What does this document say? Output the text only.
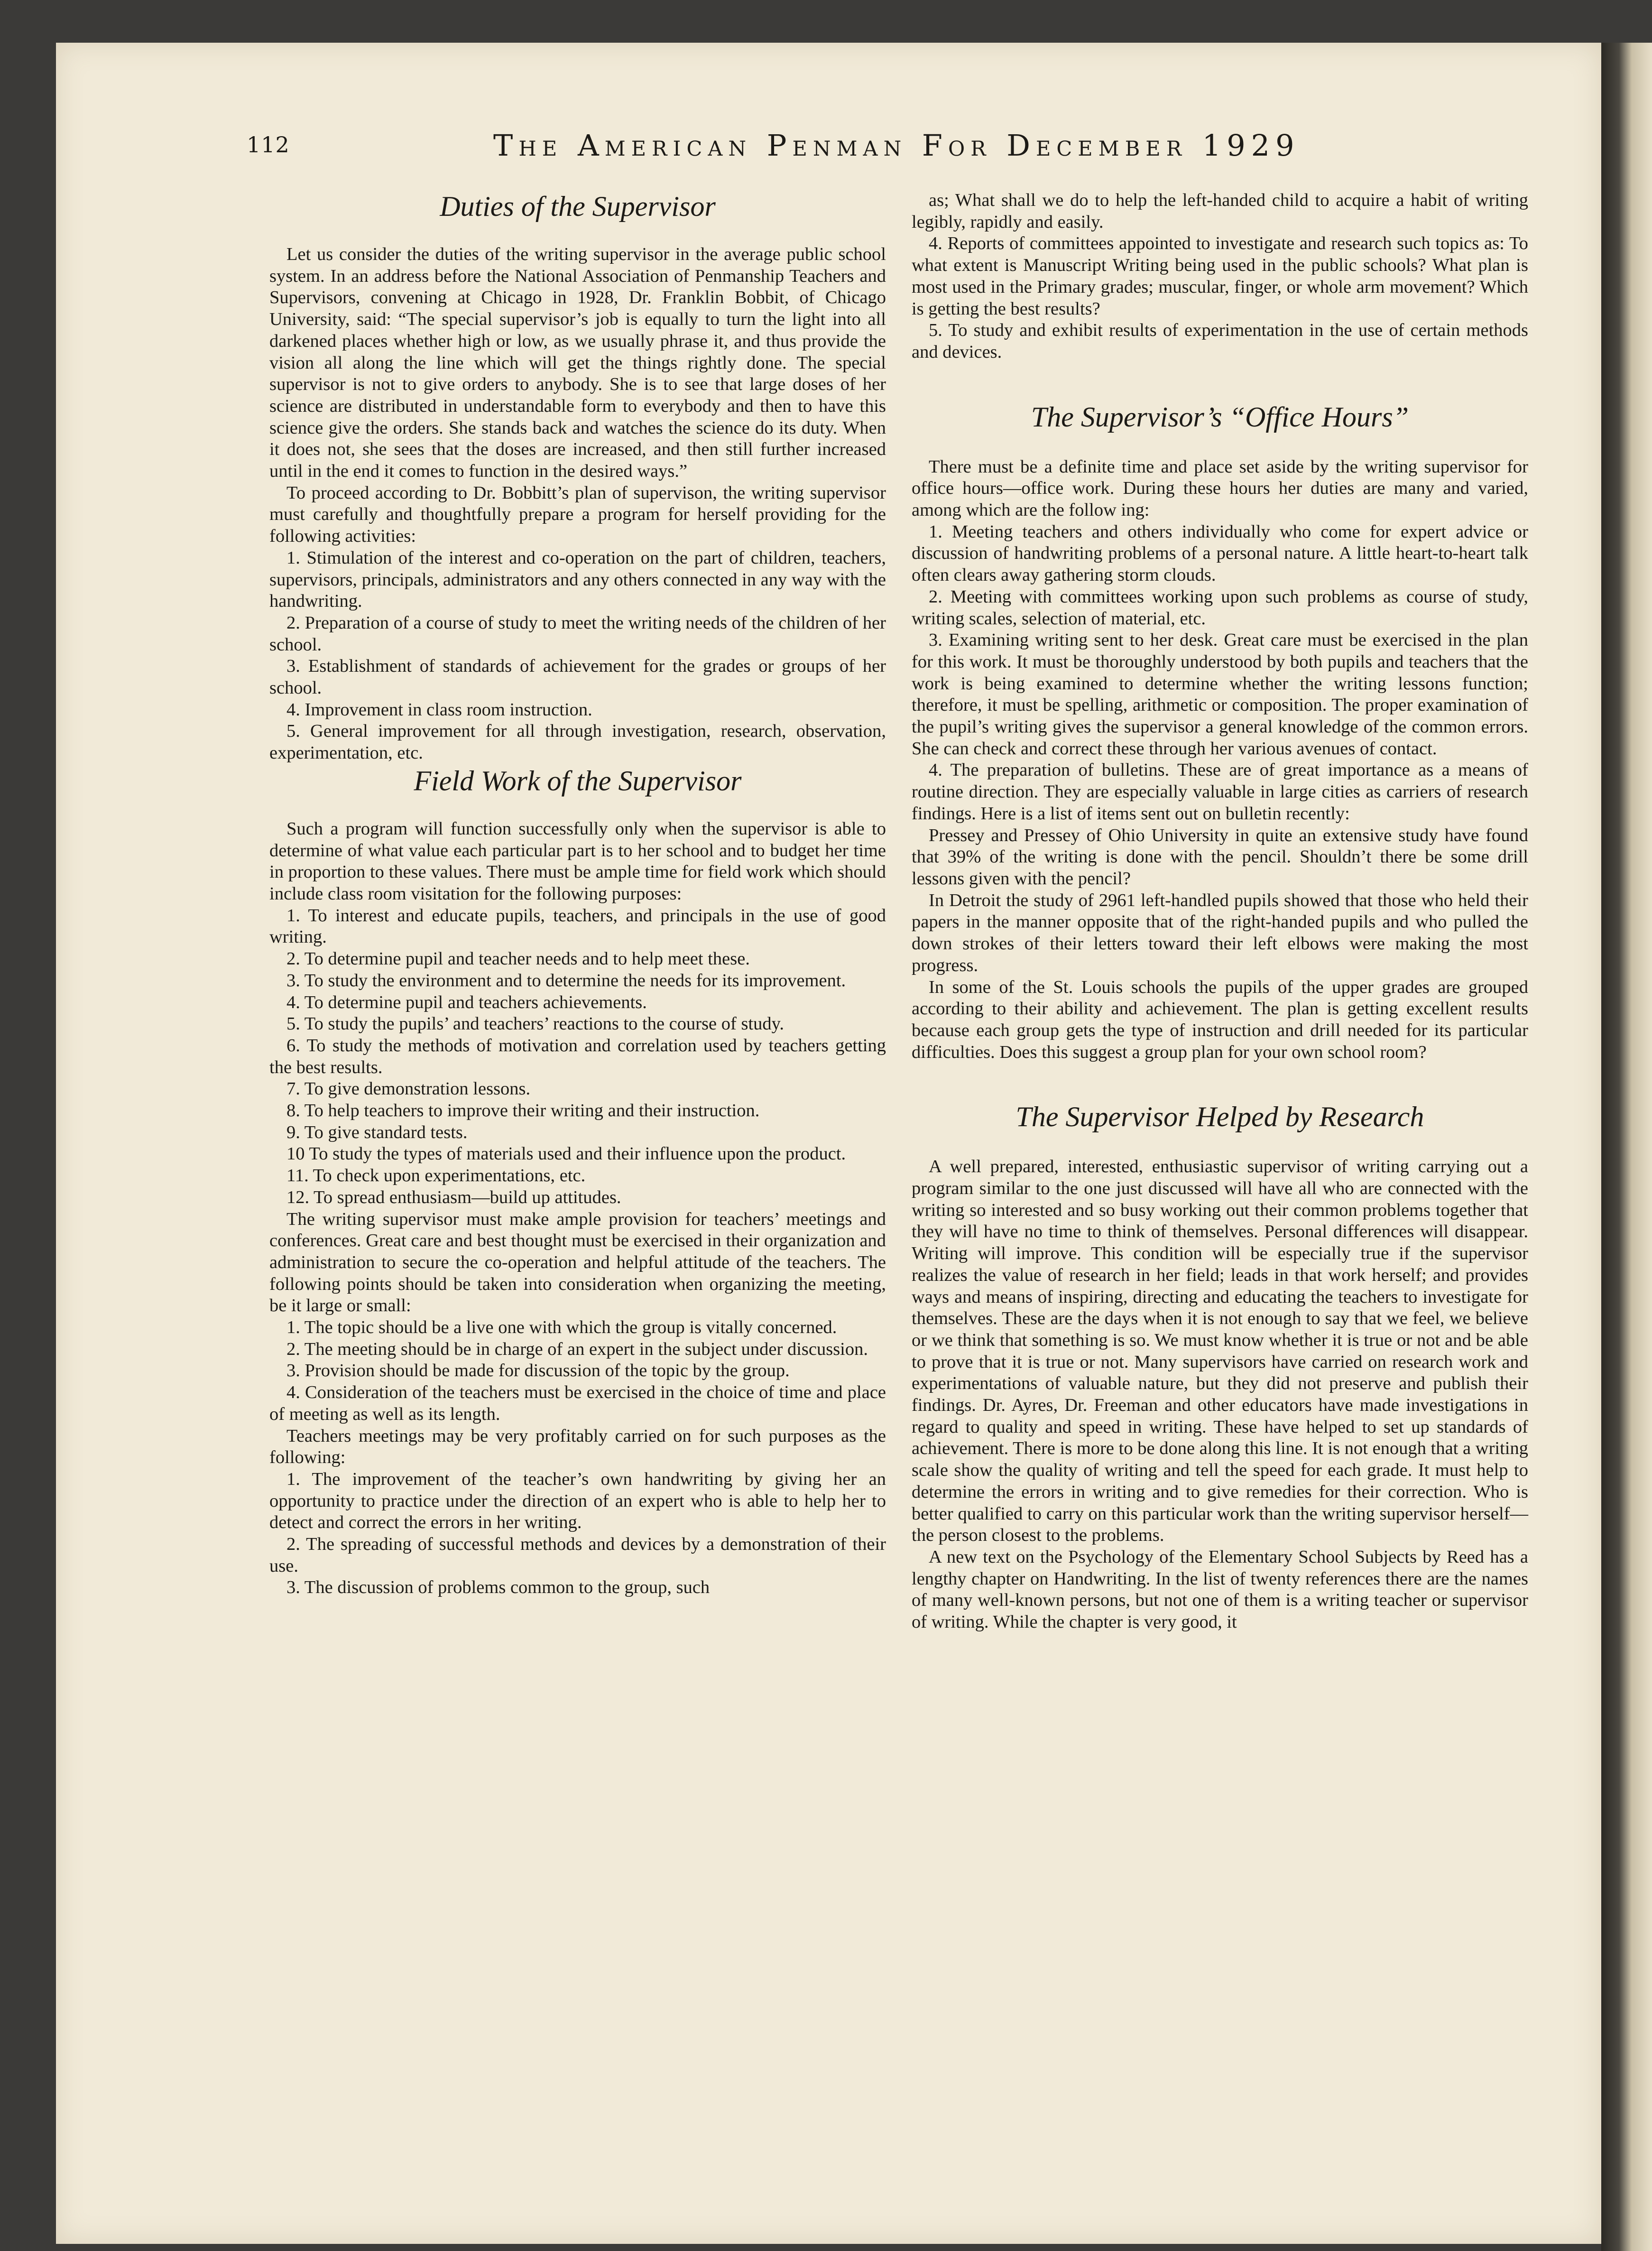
112	The American Penman For December 1929
Duties of the Supervisor

Let us consider the duties of the writing supervisor in the average public school system. In an address before the National Association of Penmanship Teachers and Supervisors, convening at Chicago in 1928, Dr. Franklin Bobbit, of Chicago University, said: “The special supervisor’s job is equally to turn the light into all darkened places whether high or low, as we usually phrase it, and thus provide the vision all along the line which will get the things rightly done. The special supervisor is not to give orders to anybody. She is to see that large doses of her science are distributed in understandable form to everybody and then to have this science give the orders. She stands back and watches the science do its duty. When it does not, she sees that the doses are increased, and then still further increased until in the end it comes to function in the desired ways.”

To proceed according to Dr. Bobbitt’s plan of supervison, the writing supervisor must carefully and thoughtfully prepare a program for herself providing for the following activities:

1. Stimulation of the interest and co-operation on the part of children, teachers, supervisors, principals, administrators and any others connected in any way with the handwriting.

2. Preparation of a course of study to meet the writing needs of the children of her school.

3. Establishment of standards of achievement for the grades or groups of her school.

4. Improvement in class room instruction.

5. General improvement for all through investigation, research, observation, experimentation, etc.

Field Work of the Supervisor

Such a program will function successfully only when the supervisor is able to determine of what value each particular part is to her school and to budget her time in proportion to these values. There must be ample time for field work which should include class room visitation for the following purposes:

1. To interest and educate pupils, teachers, and principals in the use of good writing.

2. To determine pupil and teacher needs and to help meet these.

3. To study the environment and to determine the needs for its improvement.

4. To determine pupil and teachers achievements.

5. To study the pupils’ and teachers’ reactions to the course of study.

6. To study the methods of motivation and correlation used by teachers getting the best results.

7. To give demonstration lessons.

8. To help teachers to improve their writing and their instruction.

9. To give standard tests.

10 To study the types of materials used and their influence upon the product.

11. To check upon experimentations, etc.

12. To spread enthusiasm—build up attitudes.

The writing supervisor must make ample provision for teachers’ meetings and conferences. Great care and best thought must be exercised in their organization and administration to secure the co-operation and helpful attitude of the teachers. The following points should be taken into consideration when organizing the meeting, be it large or small:

1. The topic should be a live one with which the group is vitally concerned.

2. The meeting should be in charge of an expert in the subject under discussion.

3. Provision should be made for discussion of the topic by the group.

4. Consideration of the teachers must be exercised in the choice of time and place of meeting as well as its length.

Teachers meetings may be very profitably carried on for such purposes as the following:

1. The improvement of the teacher’s own handwriting by giving her an opportunity to practice under the direction of an expert who is able to help her to detect and correct the errors in her writing.

2. The spreading of successful methods and devices by a demonstration of their use.

3. The discussion of problems common to the group, such

as; What shall we do to help the left-handed child to acquire a habit of writing legibly, rapidly and easily.

4. Reports of committees appointed to investigate and research such topics as: To what extent is Manuscript Writing being used in the public schools? What plan is most used in the Primary grades; muscular, finger, or whole arm movement? Which is getting the best results?

5. To study and exhibit results of experimentation in the use of certain methods and devices.

The Supervisor’s “Office Hours”

There must be a definite time and place set aside by the writing supervisor for office hours—office work. During these hours her duties are many and varied, among which are the follow ing:

1. Meeting teachers and others individually who come for expert advice or discussion of handwriting problems of a personal nature. A little heart-to-heart talk often clears away gathering storm clouds.

2. Meeting with committees working upon such problems as course of study, writing scales, selection of material, etc.

3. Examining writing sent to her desk. Great care must be exercised in the plan for this work. It must be thoroughly understood by both pupils and teachers that the work is being examined to determine whether the writing lessons function; therefore, it must be spelling, arithmetic or composition. The proper examination of the pupil’s writing gives the supervisor a general knowledge of the common errors. She can check and correct these through her various avenues of contact.

4. The preparation of bulletins. These are of great importance as a means of routine direction. They are especially valuable in large cities as carriers of research findings. Here is a list of items sent out on bulletin recently:

Pressey and Pressey of Ohio University in quite an extensive study have found that 39% of the writing is done with the pencil. Shouldn’t there be some drill lessons given with the pencil?

In Detroit the study of 2961 left-handled pupils showed that those who held their papers in the manner opposite that of the right-handed pupils and who pulled the down strokes of their letters toward their left elbows were making the most progress.

In some of the St. Louis schools the pupils of the upper grades are grouped according to their ability and achievement. The plan is getting excellent results because each group gets the type of instruction and drill needed for its particular difficulties. Does this suggest a group plan for your own school room?

The Supervisor Helped by Research

A well prepared, interested, enthusiastic supervisor of writing carrying out a program similar to the one just discussed will have all who are connected with the writing so interested and so busy working out their common problems together that they will have no time to think of themselves. Personal differences will disappear. Writing will improve. This condition will be especially true if the supervisor realizes the value of research in her field; leads in that work herself; and provides ways and means of inspiring, directing and educating the teachers to investigate for themselves. These are the days when it is not enough to say that we feel, we believe or we think that something is so. We must know whether it is true or not and be able to prove that it is true or not. Many supervisors have carried on research work and experimentations of valuable nature, but they did not preserve and publish their findings. Dr. Ayres, Dr. Freeman and other educators have made investigations in regard to quality and speed in writing. These have helped to set up standards of achievement. There is more to be done along this line. It is not enough that a writing scale show the quality of writing and tell the speed for each grade. It must help to determine the errors in writing and to give remedies for their correction. Who is better qualified to carry on this particular work than the writing supervisor herself—the person closest to the problems.

A new text on the Psychology of the Elementary School Subjects by Reed has a lengthy chapter on Handwriting. In the list of twenty references there are the names of many well-known persons, but not one of them is a writing teacher or supervisor of writing. While the chapter is very good, it
